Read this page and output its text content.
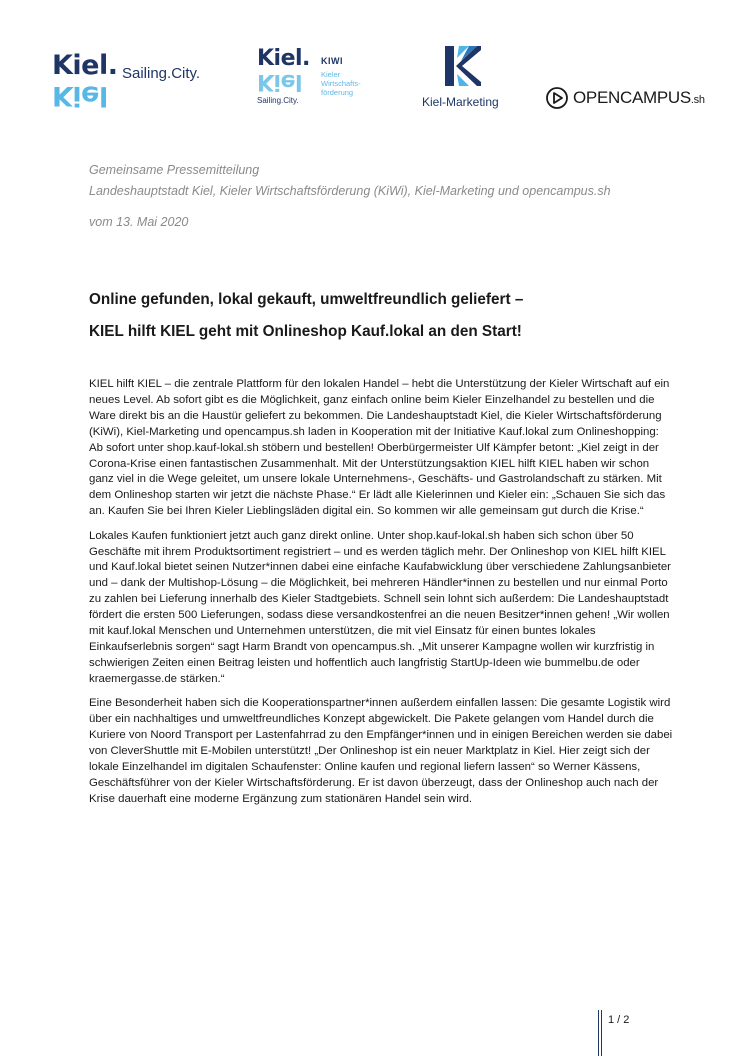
Kiel.
Kiel
Sailing.City.
Kiel.
Kiel
Sailing.City.
KIWI
Kieler Wirtschafts-förderung
Kiel-Marketing	OPENCAMPUS.sh
Gemeinsame Pressemitteilung
Landeshauptstadt Kiel, Kieler Wirtschaftsförderung (KiWi), Kiel-Marketing und opencampus.sh
vom 13. Mai 2020
Online gefunden, lokal gekauft, umweltfreundlich geliefert –
KIEL hilft KIEL geht mit Onlineshop Kauf.lokal an den Start!

KIEL hilft KIEL – die zentrale Plattform für den lokalen Handel – hebt die Unterstützung der Kieler Wirtschaft auf ein neues Level. Ab sofort gibt es die Möglichkeit, ganz einfach online beim Kieler Einzelhandel zu bestellen und die Ware direkt bis an die Haustür geliefert zu bekommen. Die Landeshauptstadt Kiel, die Kieler Wirtschaftsförderung (KiWi), Kiel-Marketing und opencampus.sh laden in Kooperation mit der Initiative Kauf.lokal zum Onlineshopping: Ab sofort unter shop.kauf-lokal.sh stöbern und bestellen! Oberbürgermeister Ulf Kämpfer betont: „Kiel zeigt in der Corona-Krise einen fantastischen Zusammenhalt. Mit der Unterstützungsaktion KIEL hilft KIEL haben wir schon ganz viel in die Wege geleitet, um unsere lokale Unternehmens-, Geschäfts- und Gastrolandschaft zu stärken. Mit dem Onlineshop starten wir jetzt die nächste Phase.“ Er lädt alle Kielerinnen und Kieler ein: „Schauen Sie sich das an. Kaufen Sie bei Ihren Kieler Lieblingsläden digital ein. So kommen wir alle gemeinsam gut durch die Krise.“

Lokales Kaufen funktioniert jetzt auch ganz direkt online. Unter shop.kauf-lokal.sh haben sich schon über 50 Geschäfte mit ihrem Produktsortiment registriert – und es werden täglich mehr. Der Onlineshop von KIEL hilft KIEL und Kauf.lokal bietet seinen Nutzer*innen dabei eine einfache Kaufabwicklung über verschiedene Zahlungsanbieter und – dank der Multishop-Lösung – die Möglichkeit, bei mehreren Händler*innen zu bestellen und nur einmal Porto zu zahlen bei Lieferung innerhalb des Kieler Stadtgebiets. Schnell sein lohnt sich außerdem: Die Landeshauptstadt fördert die ersten 500 Lieferungen, sodass diese versandkostenfrei an die neuen Besitzer*innen gehen! „Wir wollen mit kauf.lokal Menschen und Unternehmen unterstützen, die mit viel Einsatz für einen buntes lokales Einkaufserlebnis sorgen“ sagt Harm Brandt von opencampus.sh. „Mit unserer Kampagne wollen wir kurzfristig in schwierigen Zeiten einen Beitrag leisten und hoffentlich auch langfristig StartUp-Ideen wie bummelbu.de oder kraemergasse.de stärken.“

Eine Besonderheit haben sich die Kooperationspartner*innen außerdem einfallen lassen: Die gesamte Logistik wird über ein nachhaltiges und umweltfreundliches Konzept abgewickelt. Die Pakete gelangen vom Handel durch die Kuriere von Noord Transport per Lastenfahrrad zu den Empfänger*innen und in einigen Bereichen werden sie dabei von CleverShuttle mit E-Mobilen unterstützt! „Der Onlineshop ist ein neuer Marktplatz in Kiel. Hier zeigt sich der lokale Einzelhandel im digitalen Schaufenster: Online kaufen und regional liefern lassen“ so Werner Kässens, Geschäftsführer von der Kieler Wirtschaftsförderung. Er ist davon überzeugt, dass der Onlineshop auch nach der Krise dauerhaft eine moderne Ergänzung zum stationären Handel sein wird.

1 / 2
